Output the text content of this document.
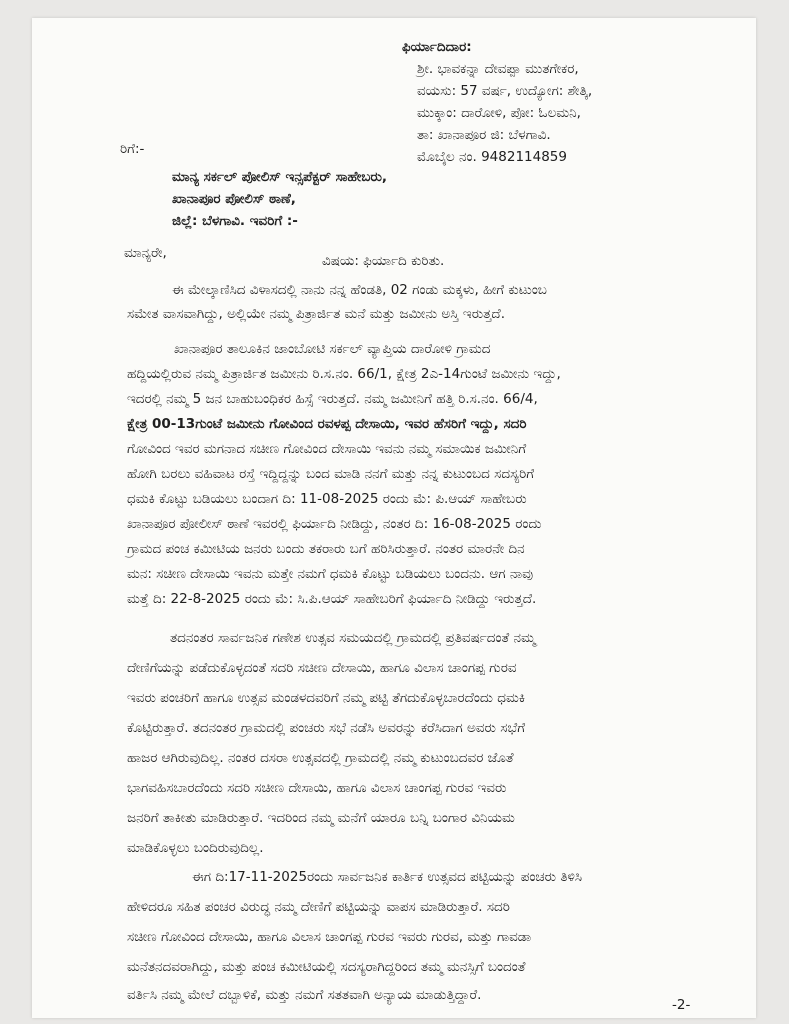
ಫಿರ್ಯಾದಿದಾರ:
ಶ್ರೀ. ಭಾವಕನ್ನಾ ದೇವಪ್ಪಾ ಮುತಗೇಕರ,
ವಯಸು: 57 ವರ್ಷ, ಉದ್ಯೋಗ: ಶೇತ್ಕಿ,
ಮುಕ್ಕಾಂ: ದಾರೋಳಿ, ಪೋ: ಓಲಮನಿ,
ತಾ: ಖಾನಾಪೂರ ಜಿ: ಬೆಳಗಾವಿ.
ಮೊಬೈಲ ನಂ. 9482114859
ರಿಗೆ:-
ಮಾನ್ಯ ಸರ್ಕಲ್ ಪೋಲಿಸ್ ಇನ್ಸಪೆಕ್ಟರ್ ಸಾಹೇಬರು,
ಖಾನಾಪೂರ ಪೋಲಿಸ್ ಠಾಣೆ,
ಜಿಲ್ಲೆ: ಬೆಳಗಾವಿ. ಇವರಿಗೆ :-
ಮಾನ್ಯರೇ,	ವಿಷಯ: ಫಿರ್ಯಾದಿ ಕುರಿತು.
ಈ ಮೇಲ್ಕಾಣಿಸಿದ ವಿಳಾಸದಲ್ಲಿ ನಾನು ನನ್ನ ಹೆಂಡತಿ, 02 ಗಂಡು ಮಕ್ಕಳು, ಹೀಗೆ ಕುಟುಂಬ
ಸಮೇತ ವಾಸವಾಗಿದ್ದು, ಅಲ್ಲಿಯೇ ನಮ್ಮ ಪಿತ್ರಾರ್ಜಿತ ಮನೆ ಮತ್ತು ಜಮೀನು ಅಸ್ತಿ ಇರುತ್ತದೆ.
ಖಾನಾಪೂರ ತಾಲೂಕಿನ ಜಾಂಬೋಟಿ ಸರ್ಕಲ್ ವ್ಯಾಪ್ತಿಯ ದಾರೋಳಿ ಗ್ರಾಮದ
ಹದ್ದಿಯಲ್ಲಿರುವ ನಮ್ಮ ಪಿತ್ರಾರ್ಜಿತ ಜಮೀನು ರಿ.ಸ.ನಂ. 66/1, ಕ್ಷೇತ್ರ 2ಎ-14ಗುಂಟೆ ಜಮೀನು ಇದ್ದು,
ಇದರಲ್ಲಿ ನಮ್ಮ 5 ಜನ ಬಾಹುಬಂಧಿಕರ ಹಿಸ್ಸೆ ಇರುತ್ತದೆ. ನಮ್ಮ ಜಮೀನಿಗೆ ಹತ್ತಿ ರಿ.ಸ.ನಂ. 66/4,
ಕ್ಷೇತ್ರ 00-13ಗುಂಟೆ ಜಮೀನು ಗೋವಿಂದ ರವಳಪ್ಪ ದೇಸಾಯಿ, ಇವರ ಹೆಸರಿಗೆ ಇದ್ದು, ಸದರಿ
ಗೋವಿಂದ ಇವರ ಮಗನಾದ ಸಚೀಣ ಗೋವಿಂದ ದೇಸಾಯಿ ಇವನು ನಮ್ಮ ಸಮಾಯಿಕ ಜಮೀನಿಗೆ
ಹೋಗಿ ಬರಲು ವಹಿವಾಟ ರಸ್ತೆ ಇದ್ದಿದ್ದನ್ನು ಬಂದ ಮಾಡಿ ನನಗೆ ಮತ್ತು ನನ್ನ ಕುಟುಂಬದ ಸದಸ್ಯರಿಗೆ
ಧಮಕಿ ಕೊಟ್ಟು ಬಡಿಯಲು ಬಂದಾಗ ದಿ: 11-08-2025 ರಂದು ಮೆ: ಪಿ.ಆಯ್ ಸಾಹೇಬರು
ಖಾನಾಪೂರ ಪೋಲೀಸ್ ಠಾಣೆ ಇವರಲ್ಲಿ ಫಿರ್ಯಾದಿ ನೀಡಿದ್ದು, ನಂತರ ದಿ: 16-08-2025 ರಂದು
ಗ್ರಾಮದ ಪಂಚ ಕಮೀಟಿಯ ಜನರು ಬಂದು ತಕರಾರು ಬಗೆ ಹರಿಸಿರುತ್ತಾರೆ. ನಂತರ ಮಾರನೇ ದಿನ
ಮನ: ಸಚೀಣ ದೇಸಾಯಿ ಇವನು ಮತ್ತೇ ನಮಗೆ ಧಮಕಿ ಕೊಟ್ಟು ಬಡಿಯಲು ಬಂದನು. ಆಗ ನಾವು
ಮತ್ತೆ ದಿ: 22-8-2025 ರಂದು ಮೆ: ಸಿ.ಪಿ.ಆಯ್ ಸಾಹೇಬರಿಗೆ ಫಿರ್ಯಾದಿ ನೀಡಿದ್ದು ಇರುತ್ತದೆ.
ತದನಂತರ ಸಾರ್ವಜನಿಕ ಗಣೇಶ ಉತ್ಸವ ಸಮಯದಲ್ಲಿ ಗ್ರಾಮದಲ್ಲಿ ಪ್ರತಿವರ್ಷದಂತೆ ನಮ್ಮ
ದೇಣಿಗೆಯನ್ನು ಪಡೆದುಕೊಳ್ಳದಂತೆ ಸದರಿ ಸಚೀಣ ದೇಸಾಯಿ, ಹಾಗೂ ವಿಲಾಸ ಚಾಂಗಪ್ಪ ಗುರವ
ಇವರು ಪಂಚರಿಗೆ ಹಾಗೂ ಉತ್ಸವ ಮಂಡಳದವರಿಗೆ ನಮ್ಮ ಪಟ್ಟಿ ತೆಗದುಕೊಳ್ಳಬಾರದೆಂದು ಧಮಕಿ
ಕೊಟ್ಟಿರುತ್ತಾರೆ. ತದನಂತರ ಗ್ರಾಮದಲ್ಲಿ ಪಂಚರು ಸಭೆ ನಡೆಸಿ ಅವರನ್ನು ಕರೆಸಿದಾಗ ಅವರು ಸಭೆಗೆ
ಹಾಜರ ಆಗಿರುವುದಿಲ್ಲ. ನಂತರ ದಸರಾ ಉತ್ಸವದಲ್ಲಿ ಗ್ರಾಮದಲ್ಲಿ ನಮ್ಮ ಕುಟುಂಬದವರ ಜೊತೆ
ಭಾಗವಹಿಸಬಾರದೆಂದು ಸದರಿ ಸಚೀಣ ದೇಸಾಯಿ, ಹಾಗೂ ವಿಲಾಸ ಚಾಂಗಪ್ಪ ಗುರವ ಇವರು
ಜನರಿಗೆ ತಾಕೀತು ಮಾಡಿರುತ್ತಾರೆ. ಇದರಿಂದ ನಮ್ಮ ಮನೆಗೆ ಯಾರೂ ಬನ್ನಿ ಬಂಗಾರ ವಿನಿಯಮ
ಮಾಡಿಕೊಳ್ಳಲು ಬಂದಿರುವುದಿಲ್ಲ.
ಈಗ ದಿ:17-11-2025ರಂದು ಸಾರ್ವಜನಿಕ ಕಾರ್ತಿಕ ಉತ್ಸವದ ಪಟ್ಟಿಯನ್ನು ಪಂಚರು ತಿಳಿಸಿ
ಹೇಳಿದರೂ ಸಹಿತ ಪಂಚರ ವಿರುದ್ಧ ನಮ್ಮ ದೇಣಿಗೆ ಪಟ್ಟಿಯನ್ನು ವಾಪಸ ಮಾಡಿರುತ್ತಾರೆ. ಸದರಿ
ಸಚೀಣ ಗೋವಿಂದ ದೇಸಾಯಿ, ಹಾಗೂ ವಿಲಾಸ ಚಾಂಗಪ್ಪ ಗುರವ ಇವರು ಗುರವ, ಮತ್ತು ಗಾವಡಾ
ಮನೆತನದವರಾಗಿದ್ದು, ಮತ್ತು ಪಂಚ ಕಮೀಟಿಯಲ್ಲಿ ಸದಸ್ಯರಾಗಿದ್ದರಿಂದ ತಮ್ಮ ಮನಸ್ಸಿಗೆ ಬಂದಂತೆ
ವರ್ತಿಸಿ ನಮ್ಮ ಮೇಲೆ ದಬ್ಬಾಳಿಕೆ, ಮತ್ತು ನಮಗೆ ಸತತವಾಗಿ ಅನ್ಯಾಯ ಮಾಡುತ್ತಿದ್ದಾರೆ.
-2-
